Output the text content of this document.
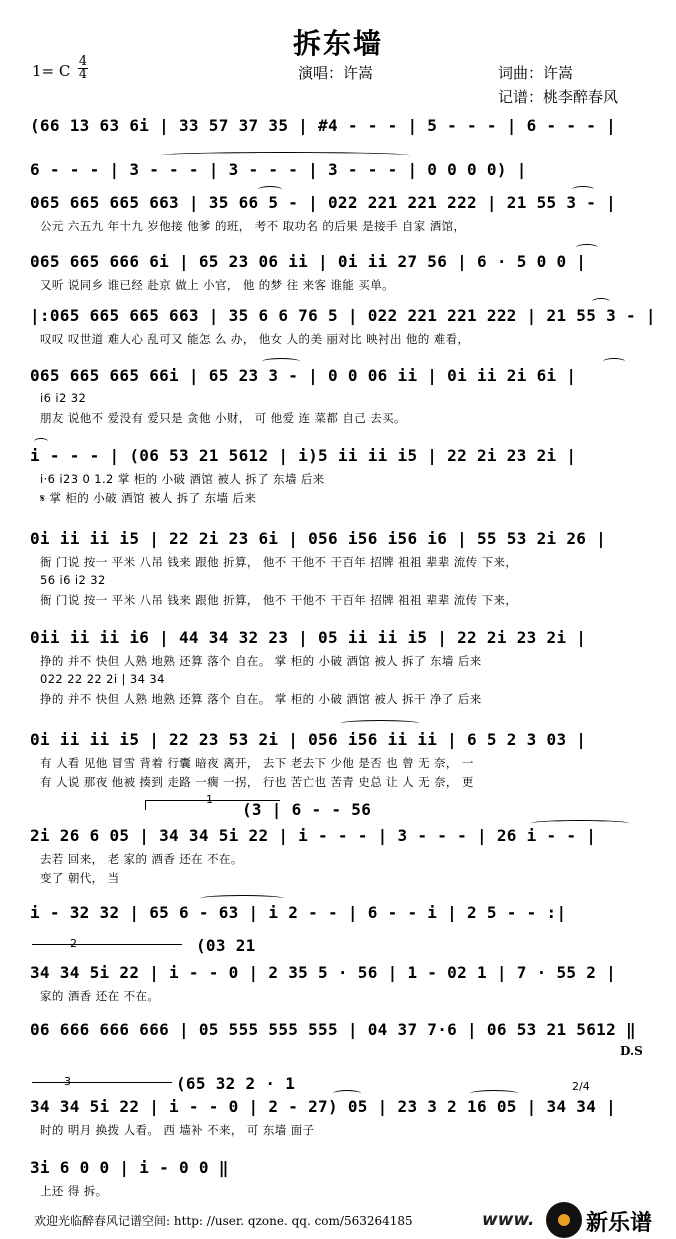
拆东墙
1= C
4
4	演唱：许嵩	词曲：许嵩
记谱：桃李醉春风
(66 13 63 6i | 33 57 37 35 | #4 - - - | 5 - - - | 6 - - - |
6 - - - | 3 - - - | 3 - - - | 3 - - - | 0 0 0 0) |
065 665 665 663 | 35 66 5 - | 022 221 221 222 | 21 55 3 - |
公元 六五九 年十九 岁他接 他爹 的班， 考不 取功名 的后果 是接手 自家 酒馆，
065 665 666 6i | 65 23 06 ii | 0i ii 27 56 | 6 · 5 0 0 |
又听 说同乡 谁已经 赴京 做上 小官， 他 的梦 往 来客 谁能 买单。
|:065 665 665 663 | 35 6 6 76 5 | 022 221 221 222 | 21 55 3 - |
叹叹 叹世道 难人心 乱可又 能怎 么 办， 他女 人的美 丽对比 映衬出 他的 难看，
065 665 665 66i | 65 23 3 - | 0 0 06 ii | 0i ii 2i 6i |
i6 i2 32
朋友 说他不 爱没有 爱只是 贪他 小财， 可 他爱 连 菜都 自己 去买。
i - - - | (06 53 21 5612 | i)5 ii ii i5 | 22 2i 23 2i |
i·6 i23 0 1.2 掌 柜的 小破 酒馆 被人 拆了 东墙 后来
𝄋 掌 柜的 小破 酒馆 被人 拆了 东墙 后来
0i ii ii i5 | 22 2i 23 6i | 056 i56 i56 i6 | 55 53 2i 26 |
衙 门说 按一 平米 八吊 钱来 跟他 折算， 他不 干他不 干百年 招牌 祖祖 辈辈 流传 下来，
56 i6 i2 32
衙 门说 按一 平米 八吊 钱来 跟他 折算， 他不 干他不 干百年 招牌 祖祖 辈辈 流传 下来，
0ii ii ii i6 | 44 34 32 23 | 05 ii ii i5 | 22 2i 23 2i |
挣的 并不 快但 人熟 地熟 还算 落个 自在。 掌 柜的 小破 酒馆 被人 拆了 东墙 后来
022 22 22 2i | 34 34
挣的 并不 快但 人熟 地熟 还算 落个 自在。 掌 柜的 小破 酒馆 被人 拆干 净了 后来
0i ii ii i5 | 22 23 53 2i | 056 i56 ii ii | 6 5 2 3 03 |
有 人看 见他 冒雪 背着 行囊 暗夜 离开， 去下 老去下 少他 是否 也 曾 无 奈， 一
有 人说 那夜 他被 揍到 走路 一瘸 一拐， 行也 苦亡也 苦青 史总 让 人 无 奈， 更
2i 26 6 05 | 34 34 5i 22 | i - - - | 3 - - - | 26 i - - |
去若 回来， 老 家的 酒香 还在 不在。
变了 朝代， 当
i - 32 32 | 65 6 - 63 | i 2 - - | 6 - - i | 2 5 - - :|
34 34 5i 22 | i - - 0 | 2 35 5 · 56 | 1 - 02 1 | 7 · 55 2 |
家的 酒香 还在 不在。
06 666 666 666 | 05 555 555 555 | 04 37 7·6 | 06 53 21 5612 ‖
34 34 5i 22 | i - - 0 | 2 - 27) 05 | 23 3 2 16 05 | 34 34 |
时的 明月 换拨 人看。 西 墙补 不来， 可 东墙 面子
3i 6 0 0 | i - 0 0 ‖
上还 得 拆。
1
(3 | 6 - - 56
2	(03 21
3	(65 32 2 · 1	2/4
D.S
欢迎光临醉春风记谱空间: http: //user. qzone. qq. com/563264185	www. 新乐谱
